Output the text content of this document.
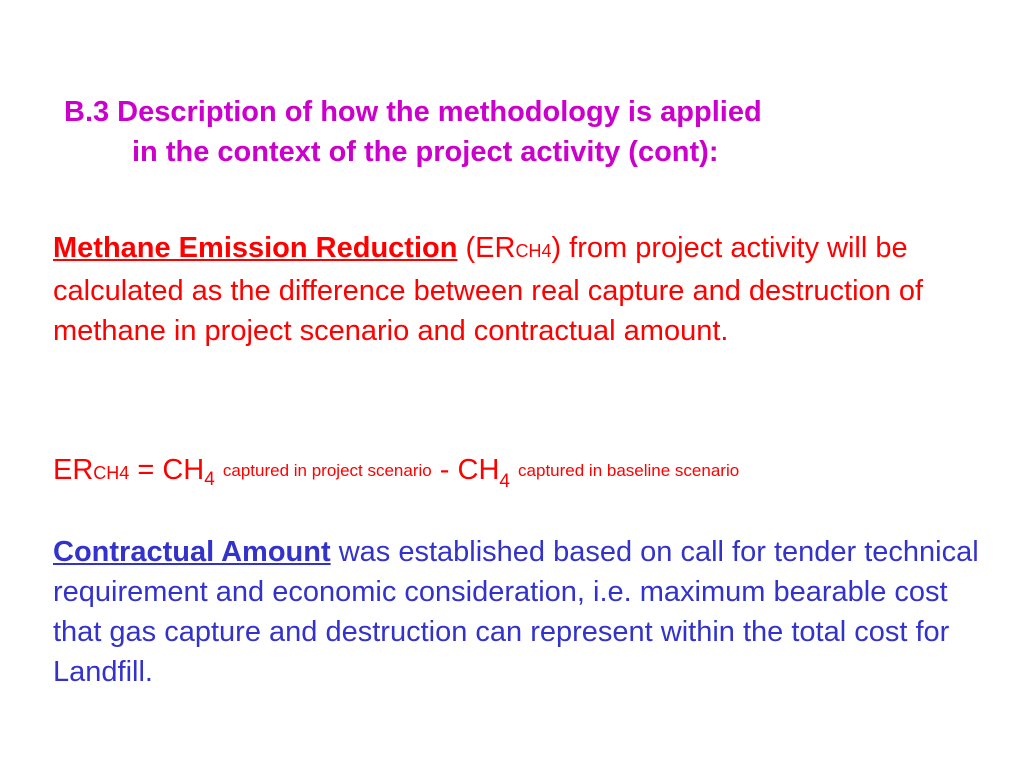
B.3 Description of how the methodology is applied
in the context of the project activity (cont):
Methane Emission Reduction (ERCH4) from project activity will be calculated as the difference between real capture and destruction of methane in project scenario and contractual amount.
ERCH4 = $CH_4$ captured in project scenario - $CH_4$ captured in baseline scenario
Contractual Amount was established based on call for tender technical requirement and economic consideration, i.e. maximum bearable cost that gas capture and destruction can represent within the total cost for Landfill.
